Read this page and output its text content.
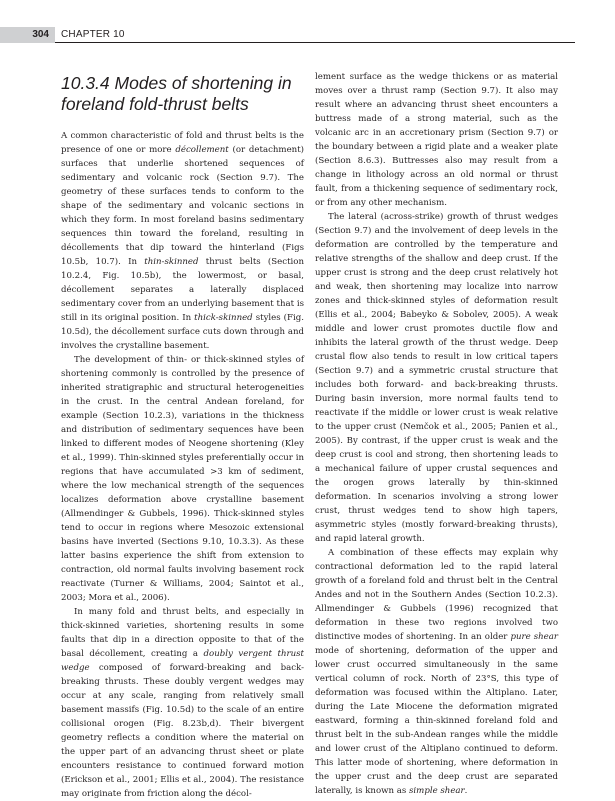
304	CHAPTER 10
10.3.4 Modes of shortening in
foreland fold-thrust belts

A common characteristic of fold and thrust belts is the presence of one or more décollement (or detachment) surfaces that underlie shortened sequences of sedimentary and volcanic rock (Section 9.7). The geometry of these surfaces tends to conform to the shape of the sedimentary and volcanic sections in which they form. In most foreland basins sedimentary sequences thin toward the foreland, resulting in décollements that dip toward the hinterland (Figs 10.5b, 10.7). In thin-skinned thrust belts (Section 10.2.4, Fig. 10.5b), the lowermost, or basal, décollement separates a laterally displaced sedimentary cover from an underlying basement that is still in its original position. In thick-skinned styles (Fig. 10.5d), the décollement surface cuts down through and involves the crystalline basement.

The development of thin- or thick-skinned styles of shortening commonly is controlled by the presence of inherited stratigraphic and structural heterogeneities in the crust. In the central Andean foreland, for example (Section 10.2.3), variations in the thickness and distribution of sedimentary sequences have been linked to different modes of Neogene shortening (Kley et al., 1999). Thin-skinned styles preferentially occur in regions that have accumulated >3 km of sediment, where the low mechanical strength of the sequences localizes deformation above crystalline basement (Allmendinger & Gubbels, 1996). Thick-skinned styles tend to occur in regions where Mesozoic extensional basins have inverted (Sections 9.10, 10.3.3). As these latter basins experience the shift from extension to contraction, old normal faults involving basement rock reactivate (Turner & Williams, 2004; Saintot et al., 2003; Mora et al., 2006).

In many fold and thrust belts, and especially in thick-skinned varieties, shortening results in some faults that dip in a direction opposite to that of the basal décollement, creating a doubly vergent thrust wedge composed of forward-breaking and back-breaking thrusts. These doubly vergent wedges may occur at any scale, ranging from relatively small basement massifs (Fig. 10.5d) to the scale of an entire collisional orogen (Fig. 8.23b,d). Their bivergent geometry reflects a condition where the material on the upper part of an advancing thrust sheet or plate encounters resistance to continued forward motion (Erickson et al., 2001; Ellis et al., 2004). The resistance may originate from friction along the décol-

lement surface as the wedge thickens or as material moves over a thrust ramp (Section 9.7). It also may result where an advancing thrust sheet encounters a buttress made of a strong material, such as the volcanic arc in an accretionary prism (Section 9.7) or the boundary between a rigid plate and a weaker plate (Section 8.6.3). Buttresses also may result from a change in lithology across an old normal or thrust fault, from a thickening sequence of sedimentary rock, or from any other mechanism.

The lateral (across-strike) growth of thrust wedges (Section 9.7) and the involvement of deep levels in the deformation are controlled by the temperature and relative strengths of the shallow and deep crust. If the upper crust is strong and the deep crust relatively hot and weak, then shortening may localize into narrow zones and thick-skinned styles of deformation result (Ellis et al., 2004; Babeyko & Sobolev, 2005). A weak middle and lower crust promotes ductile flow and inhibits the lateral growth of the thrust wedge. Deep crustal flow also tends to result in low critical tapers (Section 9.7) and a symmetric crustal structure that includes both forward- and back-breaking thrusts. During basin inversion, more normal faults tend to reactivate if the middle or lower crust is weak relative to the upper crust (Nemčok et al., 2005; Panien et al., 2005). By contrast, if the upper crust is weak and the deep crust is cool and strong, then shortening leads to a mechanical failure of upper crustal sequences and the orogen grows laterally by thin-skinned deformation. In scenarios involving a strong lower crust, thrust wedges tend to show high tapers, asymmetric styles (mostly forward-breaking thrusts), and rapid lateral growth.

A combination of these effects may explain why contractional deformation led to the rapid lateral growth of a foreland fold and thrust belt in the Central Andes and not in the Southern Andes (Section 10.2.3). Allmendinger & Gubbels (1996) recognized that deformation in these two regions involved two distinctive modes of shortening. In an older pure shear mode of shortening, deformation of the upper and lower crust occurred simultaneously in the same vertical column of rock. North of 23°S, this type of deformation was focused within the Altiplano. Later, during the Late Miocene the deformation migrated eastward, forming a thin-skinned foreland fold and thrust belt in the sub-Andean ranges while the middle and lower crust of the Altiplano continued to deform. This latter mode of shortening, where deformation in the upper crust and the deep crust are separated laterally, is known as simple shear.
